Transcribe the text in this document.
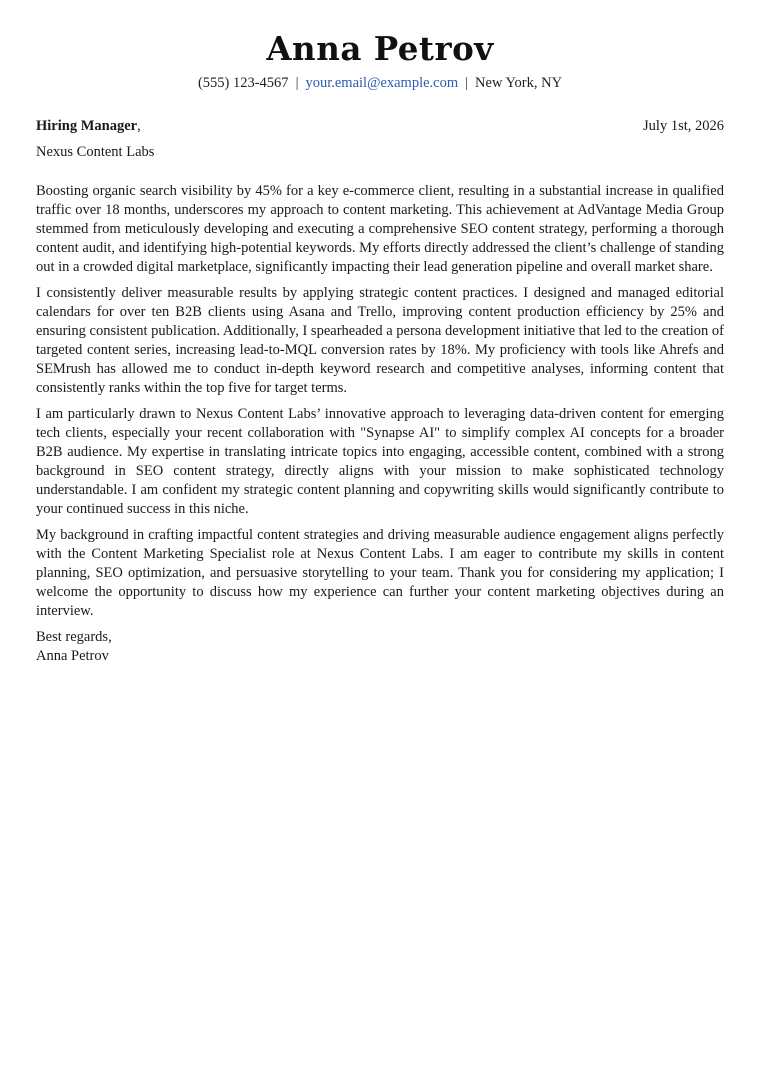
Anna Petrov
(555) 123-4567 | your.email@example.com | New York, NY
Hiring Manager,	July 1st, 2026
Nexus Content Labs

Boosting organic search visibility by 45% for a key e-commerce client, resulting in a substantial increase in qualified traffic over 18 months, underscores my approach to content marketing. This achievement at AdVantage Media Group stemmed from meticulously developing and executing a comprehensive SEO content strategy, performing a thorough content audit, and identifying high-potential keywords. My efforts directly addressed the client’s challenge of standing out in a crowded digital marketplace, significantly impacting their lead generation pipeline and overall market share.

I consistently deliver measurable results by applying strategic content practices. I designed and managed editorial calendars for over ten B2B clients using Asana and Trello, improving content production efficiency by 25% and ensuring consistent publication. Additionally, I spearheaded a persona development initiative that led to the creation of targeted content series, increasing lead-to-MQL conversion rates by 18%. My proficiency with tools like Ahrefs and SEMrush has allowed me to conduct in-depth keyword research and competitive analyses, informing content that consistently ranks within the top five for target terms.

I am particularly drawn to Nexus Content Labs’ innovative approach to leveraging data-driven content for emerging tech clients, especially your recent collaboration with "Synapse AI" to simplify complex AI concepts for a broader B2B audience. My expertise in translating intricate topics into engaging, accessible content, combined with a strong background in SEO content strategy, directly aligns with your mission to make sophisticated technology understandable. I am confident my strategic content planning and copywriting skills would significantly contribute to your continued success in this niche.

My background in crafting impactful content strategies and driving measurable audience engagement aligns perfectly with the Content Marketing Specialist role at Nexus Content Labs. I am eager to contribute my skills in content planning, SEO optimization, and persuasive storytelling to your team. Thank you for considering my application; I welcome the opportunity to discuss how my experience can further your content marketing objectives during an interview.

Best regards,
Anna Petrov
